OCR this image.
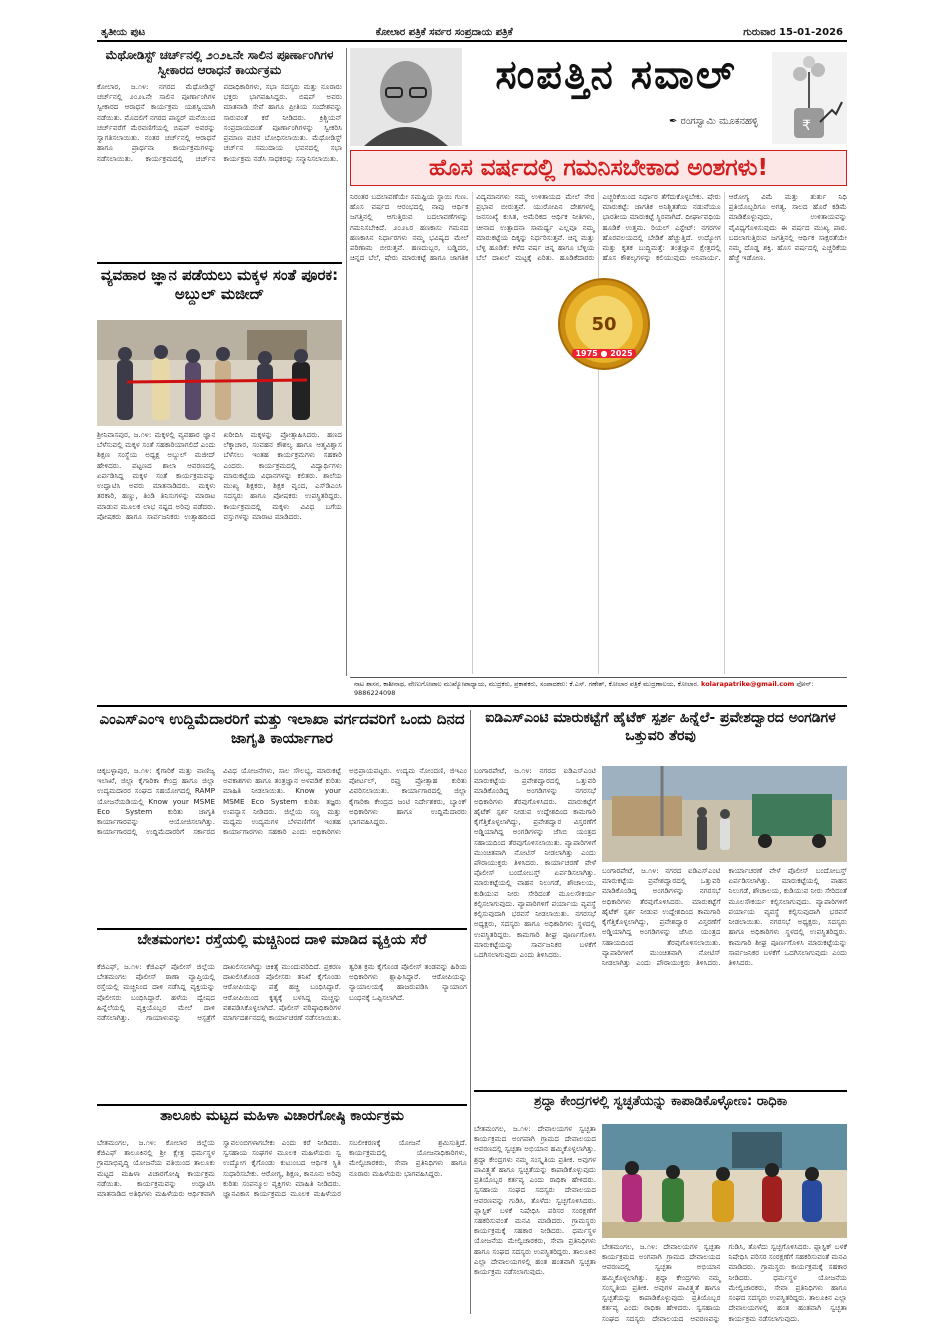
ತೃತೀಯ ಪುಟ	ಕೋಲಾರ ಪತ್ರಿಕೆ ಸರ್ವರ ಸಂಪ್ರದಾಯ ಪತ್ರಿಕೆ	ಗುರುವಾರ 15-01-2026
ಮೆಥೋಡಿಸ್ಟ್ ಚರ್ಚ್‌ನಲ್ಲಿ ೨೦೨೬ನೇ ಸಾಲಿನ ಪೂರ್ಣಾಂಗಿಗಳ ಸ್ವೀಕಾರದ ಆರಾಧನೆ ಕಾರ್ಯಕ್ರಮ
ಕೋಲಾರ, ಜ.೧೪: ನಗರದ ಮೆಥೋಡಿಸ್ಟ್ ಚರ್ಚ್‌ನಲ್ಲಿ ೨೦೨೬ನೇ ಸಾಲಿನ ಪೂರ್ಣಾಂಗಿಗಳ ಸ್ವೀಕಾರದ ಆರಾಧನೆ ಕಾರ್ಯಕ್ರಮ ಯಶಸ್ವಿಯಾಗಿ ನಡೆಯಿತು. ಮೊದಲಿಗೆ ನಗರದ ಪಾಸ್ಟರ್ ಮನೆಯಿಂದ ಚರ್ಚ್‌ವರೆಗೆ ಮೆರವಣಿಗೆಯಲ್ಲಿ ಬಿಷಪ್ ಅವರನ್ನು ಸ್ವಾಗತಿಸಲಾಯಿತು. ನಂತರ ಚರ್ಚ್‌ನಲ್ಲಿ ಆರಾಧನೆ ಹಾಗೂ ಪ್ರಾರ್ಥನಾ ಕಾರ್ಯಕ್ರಮಗಳನ್ನು ನಡೆಸಲಾಯಿತು. ಕಾರ್ಯಕ್ರಮದಲ್ಲಿ ಚರ್ಚ್‌ನ ಪದಾಧಿಕಾರಿಗಳು, ಸಭಾ ಸದಸ್ಯರು ಮತ್ತು ನೂರಾರು ಭಕ್ತರು ಭಾಗವಹಿಸಿದ್ದರು. ಬಿಷಪ್ ಅವರು ಮಾತನಾಡಿ ಸೇವೆ ಹಾಗೂ ಪ್ರೀತಿಯ ಸಂದೇಶವನ್ನು ಸಾರುವಂತೆ ಕರೆ ನೀಡಿದರು. ಕ್ರಿಶ್ಚಿಯನ್ ಸಂಪ್ರದಾಯದಂತೆ ಪೂರ್ಣಾಂಗಿಗಳನ್ನು ಸ್ವೀಕರಿಸಿ ಪ್ರಮಾಣ ವಚನ ಬೋಧಿಸಲಾಯಿತು. ಮೆಥೋಡಿಸ್ಟ್ ಚರ್ಚ್‌ನ ಸಮುದಾಯ ಭವನದಲ್ಲಿ ಸಭಾ ಕಾರ್ಯಕ್ರಮ ನಡೆಸಿ ಸಾಧಕರನ್ನು ಸನ್ಮಾನಿಸಲಾಯಿತು.
ವ್ಯವಹಾರ ಜ್ಞಾನ ಪಡೆಯಲು ಮಕ್ಕಳ ಸಂತೆ ಪೂರಕ: ಅಬ್ದುಲ್ ಮಜೀದ್
ಶ್ರೀನಿವಾಸಪುರ, ಜ.೧೪: ಮಕ್ಕಳಲ್ಲಿ ವ್ಯವಹಾರ ಜ್ಞಾನ ಬೆಳೆಸುವಲ್ಲಿ ಮಕ್ಕಳ ಸಂತೆ ಸಹಕಾರಿಯಾಗಲಿದೆ ಎಂದು ಶಿಕ್ಷಣ ಸಂಸ್ಥೆಯ ಅಧ್ಯಕ್ಷ ಅಬ್ದುಲ್ ಮಜೀದ್ ಹೇಳಿದರು. ಪಟ್ಟಣದ ಶಾಲಾ ಆವರಣದಲ್ಲಿ ಏರ್ಪಡಿಸಿದ್ದ ಮಕ್ಕಳ ಸಂತೆ ಕಾರ್ಯಕ್ರಮವನ್ನು ಉದ್ಘಾಟಿಸಿ ಅವರು ಮಾತನಾಡಿದರು. ಮಕ್ಕಳು ತರಕಾರಿ, ಹಣ್ಣು, ತಿಂಡಿ ತಿನಿಸುಗಳನ್ನು ಮಾರಾಟ ಮಾಡುವ ಮೂಲಕ ಲಾಭ ನಷ್ಟದ ಅರಿವು ಪಡೆದರು. ಪೋಷಕರು ಹಾಗೂ ಸಾರ್ವಜನಿಕರು ಉತ್ಸಾಹದಿಂದ ಖರೀದಿಸಿ ಮಕ್ಕಳನ್ನು ಪ್ರೋತ್ಸಾಹಿಸಿದರು. ಹಣದ ಲೆಕ್ಕಾಚಾರ, ಸಂವಹನ ಕೌಶಲ್ಯ ಹಾಗೂ ಆತ್ಮವಿಶ್ವಾಸ ಬೆಳೆಸಲು ಇಂತಹ ಕಾರ್ಯಕ್ರಮಗಳು ಸಹಕಾರಿ ಎಂದರು. ಕಾರ್ಯಕ್ರಮದಲ್ಲಿ ವಿದ್ಯಾರ್ಥಿಗಳು ಮಾರುಕಟ್ಟೆಯ ವಿಧಾನಗಳನ್ನು ಕಲಿತರು. ಶಾಲೆಯ ಮುಖ್ಯ ಶಿಕ್ಷಕರು, ಶಿಕ್ಷಕ ವೃಂದ, ಎಸ್‌ಡಿಎಂಸಿ ಸದಸ್ಯರು ಹಾಗೂ ಪೋಷಕರು ಉಪಸ್ಥಿತರಿದ್ದರು. ಕಾರ್ಯಕ್ರಮದಲ್ಲಿ ಮಕ್ಕಳು ವಿವಿಧ ಬಗೆಯ ವಸ್ತುಗಳನ್ನು ಮಾರಾಟ ಮಾಡಿದರು.
ಸಂಪತ್ತಿನ ಸವಾಲ್
✒ ರಂಗಸ್ವಾಮಿ ಮೂಕನಹಳ್ಳಿ	₹
ಹೊಸ ವರ್ಷದಲ್ಲಿ ಗಮನಿಸಬೇಕಾದ ಅಂಶಗಳು!
ನಿರಂತರ ಬದಲಾವಣೆಯೇ ಸಮಷ್ಟಿಯ ಸ್ಥಾಯಿ ಗುಣ. ಹೊಸ ವರ್ಷದ ಆರಂಭದಲ್ಲಿ ನಾವು ಆರ್ಥಿಕ ಜಗತ್ತಿನಲ್ಲಿ ಆಗುತ್ತಿರುವ ಬದಲಾವಣೆಗಳನ್ನು ಗಮನಿಸಬೇಕಿದೆ. ೨೦೨೬ರ ಹಣಕಾಸು ಗಮನದ ಹಣಕಾಸಿನ ನಿರ್ಧಾರಗಳು ನಮ್ಮ ಭವಿಷ್ಯದ ಮೇಲೆ ಪರಿಣಾಮ ಬೀರುತ್ತವೆ. ಹಣದುಬ್ಬರ, ಬಡ್ಡಿದರ, ಚಿನ್ನದ ಬೆಲೆ, ಷೇರು ಮಾರುಕಟ್ಟೆ ಹಾಗೂ ಜಾಗತಿಕ ವಿದ್ಯಮಾನಗಳು ನಮ್ಮ ಉಳಿತಾಯದ ಮೇಲೆ ನೇರ ಪ್ರಭಾವ ಬೀರುತ್ತವೆ. ಯುರೋಪಿನ ದೇಶಗಳಲ್ಲಿ ಜನಸಂಖ್ಯೆ ಕುಸಿತ, ಅಮೆರಿಕದ ಆರ್ಥಿಕ ನೀತಿಗಳು, ಚೀನಾದ ಉತ್ಪಾದನಾ ಸಾಮರ್ಥ್ಯ ಎಲ್ಲವೂ ನಮ್ಮ ಮಾರುಕಟ್ಟೆಯ ದಿಕ್ಕನ್ನು ನಿರ್ಧರಿಸುತ್ತವೆ. ಚಿನ್ನ ಮತ್ತು ಬೆಳ್ಳಿ ಹೂಡಿಕೆ: ಕಳೆದ ವರ್ಷ ಚಿನ್ನ ಹಾಗೂ ಬೆಳ್ಳಿಯ ಬೆಲೆ ದಾಖಲೆ ಮಟ್ಟಕ್ಕೆ ಏರಿತು. ಹೂಡಿಕೆದಾರರು ಎಚ್ಚರಿಕೆಯಿಂದ ನಿರ್ಧಾರ ತೆಗೆದುಕೊಳ್ಳಬೇಕು. ಷೇರು ಮಾರುಕಟ್ಟೆ: ಜಾಗತಿಕ ಅನಿಶ್ಚಿತತೆಯ ನಡುವೆಯೂ ಭಾರತೀಯ ಮಾರುಕಟ್ಟೆ ಸ್ಥಿರವಾಗಿದೆ. ದೀರ್ಘಾವಧಿಯ ಹೂಡಿಕೆ ಉತ್ತಮ. ರಿಯಲ್ ಎಸ್ಟೇಟ್: ನಗರಗಳ ಹೊರವಲಯದಲ್ಲಿ ಬೇಡಿಕೆ ಹೆಚ್ಚುತ್ತಿದೆ. ಉದ್ಯೋಗ ಮತ್ತು ಕೃತಕ ಬುದ್ಧಿಮತ್ತೆ: ತಂತ್ರಜ್ಞಾನ ಕ್ಷೇತ್ರದಲ್ಲಿ ಹೊಸ ಕೌಶಲ್ಯಗಳನ್ನು ಕಲಿಯುವುದು ಅನಿವಾರ್ಯ. ಆರೋಗ್ಯ ವಿಮೆ ಮತ್ತು ತುರ್ತು ನಿಧಿ ಪ್ರತಿಯೊಬ್ಬರಿಗೂ ಅಗತ್ಯ. ಸಾಲದ ಹೊರೆ ಕಡಿಮೆ ಮಾಡಿಕೊಳ್ಳುವುದು, ಉಳಿತಾಯವನ್ನು ವೈವಿಧ್ಯಗೊಳಿಸುವುದು ಈ ವರ್ಷದ ಮುಖ್ಯ ಪಾಠ. ಬದಲಾಗುತ್ತಿರುವ ಜಗತ್ತಿನಲ್ಲಿ ಆರ್ಥಿಕ ಸಾಕ್ಷರತೆಯೇ ನಮ್ಮ ದೊಡ್ಡ ಶಕ್ತಿ. ಹೊಸ ವರ್ಷದಲ್ಲಿ ಎಚ್ಚರಿಕೆಯ ಹೆಜ್ಜೆ ಇಡೋಣ.
50
1975 ● 2025
ನಾಟ ಶಾಸನ, ಕಾಶೀನಾಥ, ವೇಣುಗೋಪಾಲ ಮುಖ್ಯೋಪಾಧ್ಯಾಯ, ಮುದ್ರಕರು, ಪ್ರಕಾಶಕರು, ಸಂಪಾದಕರು: ಕೆ.ಎಸ್. ಗಣೇಶ್, ಕೋಲಾರ ಪತ್ರಿಕೆ ಮುದ್ರಣಾಲಯ, ಕೋಲಾರ. kolarapatrike@gmail.com ಫೋನ್: 9886224098
ಎಂಎಸ್‌ಎಂಇ ಉದ್ದಿಮೆದಾರರಿಗೆ ಮತ್ತು ಇಲಾಖಾ ವರ್ಗದವರಿಗೆ ಒಂದು ದಿನದ ಜಾಗೃತಿ ಕಾರ್ಯಾಗಾರ
ಚಿಕ್ಕಬಳ್ಳಾಪುರ, ಜ.೧೪: ಕೈಗಾರಿಕೆ ಮತ್ತು ವಾಣಿಜ್ಯ ಇಲಾಖೆ, ಜಿಲ್ಲಾ ಕೈಗಾರಿಕಾ ಕೇಂದ್ರ ಹಾಗೂ ಜಿಲ್ಲಾ ಉದ್ಯಮದಾರರ ಸಂಘದ ಸಹಯೋಗದಲ್ಲಿ RAMP ಯೋಜನೆಯಡಿಯಲ್ಲಿ Know your MSME Eco System ಕುರಿತು ಜಾಗೃತಿ ಕಾರ್ಯಾಗಾರವನ್ನು ಆಯೋಜಿಸಲಾಗಿತ್ತು. ಕಾರ್ಯಾಗಾರದಲ್ಲಿ ಉದ್ದಿಮೆದಾರರಿಗೆ ಸರ್ಕಾರದ ವಿವಿಧ ಯೋಜನೆಗಳು, ಸಾಲ ಸೌಲಭ್ಯ, ಮಾರುಕಟ್ಟೆ ಅವಕಾಶಗಳು ಹಾಗೂ ತಂತ್ರಜ್ಞಾನ ಅಳವಡಿಕೆ ಕುರಿತು ಮಾಹಿತಿ ನೀಡಲಾಯಿತು. Know your MSME Eco System ಕುರಿತು ತಜ್ಞರು ಉಪನ್ಯಾಸ ನೀಡಿದರು. ಜಿಲ್ಲೆಯ ಸಣ್ಣ ಮತ್ತು ಮಧ್ಯಮ ಉದ್ಯಮಗಳ ಬೆಳವಣಿಗೆಗೆ ಇಂತಹ ಕಾರ್ಯಾಗಾರಗಳು ಸಹಕಾರಿ ಎಂದು ಅಧಿಕಾರಿಗಳು ಅಭಿಪ್ರಾಯಪಟ್ಟರು. ಉದ್ಯಮ ನೋಂದಣಿ, ಜಿಇಎಂ ಪೋರ್ಟಲ್, ರಫ್ತು ಪ್ರೋತ್ಸಾಹ ಕುರಿತು ವಿವರಿಸಲಾಯಿತು. ಕಾರ್ಯಾಗಾರದಲ್ಲಿ ಜಿಲ್ಲಾ ಕೈಗಾರಿಕಾ ಕೇಂದ್ರದ ಜಂಟಿ ನಿರ್ದೇಶಕರು, ಬ್ಯಾಂಕ್ ಅಧಿಕಾರಿಗಳು ಹಾಗೂ ಉದ್ದಿಮೆದಾರರು ಭಾಗವಹಿಸಿದ್ದರು.
ಐಡಿಎಸ್‌ಎಂಟಿ ಮಾರುಕಟ್ಟೆಗೆ ಹೈಟೆಕ್ ಸ್ಪರ್ಶ ಹಿನ್ನೆಲೆ- ಪ್ರವೇಶದ್ವಾರದ ಅಂಗಡಿಗಳ ಒತ್ತುವರಿ ತೆರವು
ಬಂಗಾರಪೇಟೆ, ಜ.೧೪: ನಗರದ ಐಡಿಎಸ್‌ಎಂಟಿ ಮಾರುಕಟ್ಟೆಯ ಪ್ರವೇಶದ್ವಾರದಲ್ಲಿ ಒತ್ತುವರಿ ಮಾಡಿಕೊಂಡಿದ್ದ ಅಂಗಡಿಗಳನ್ನು ನಗರಸಭೆ ಅಧಿಕಾರಿಗಳು ತೆರವುಗೊಳಿಸಿದರು. ಮಾರುಕಟ್ಟೆಗೆ ಹೈಟೆಕ್ ಸ್ಪರ್ಶ ನೀಡುವ ಉದ್ದೇಶದಿಂದ ಕಾಮಗಾರಿ ಕೈಗೆತ್ತಿಕೊಳ್ಳಲಾಗಿದ್ದು, ಪ್ರವೇಶದ್ವಾರ ವಿಸ್ತರಣೆಗೆ ಅಡ್ಡಿಯಾಗಿದ್ದ ಅಂಗಡಿಗಳನ್ನು ಜೆಸಿಬಿ ಯಂತ್ರದ ಸಹಾಯದಿಂದ ತೆರವುಗೊಳಿಸಲಾಯಿತು. ವ್ಯಾಪಾರಿಗಳಿಗೆ ಮುಂಚಿತವಾಗಿ ನೋಟಿಸ್ ನೀಡಲಾಗಿತ್ತು ಎಂದು ಪೌರಾಯುಕ್ತರು ತಿಳಿಸಿದರು. ಕಾರ್ಯಾಚರಣೆ ವೇಳೆ ಪೊಲೀಸ್ ಬಂದೋಬಸ್ತ್ ಏರ್ಪಡಿಸಲಾಗಿತ್ತು. ಮಾರುಕಟ್ಟೆಯಲ್ಲಿ ವಾಹನ ನಿಲುಗಡೆ, ಶೌಚಾಲಯ, ಕುಡಿಯುವ ನೀರು ಸೇರಿದಂತೆ ಮೂಲಸೌಕರ್ಯ ಕಲ್ಪಿಸಲಾಗುವುದು. ವ್ಯಾಪಾರಿಗಳಿಗೆ ಪರ್ಯಾಯ ವ್ಯವಸ್ಥೆ ಕಲ್ಪಿಸುವುದಾಗಿ ಭರವಸೆ ನೀಡಲಾಯಿತು. ನಗರಸಭೆ ಅಧ್ಯಕ್ಷರು, ಸದಸ್ಯರು ಹಾಗೂ ಅಧಿಕಾರಿಗಳು ಸ್ಥಳದಲ್ಲಿ ಉಪಸ್ಥಿತರಿದ್ದರು. ಕಾಮಗಾರಿ ಶೀಘ್ರ ಪೂರ್ಣಗೊಳಿಸಿ ಮಾರುಕಟ್ಟೆಯನ್ನು ಸಾರ್ವಜನಿಕರ ಬಳಕೆಗೆ ಒದಗಿಸಲಾಗುವುದು ಎಂದು ತಿಳಿಸಿದರು.
ಬಂಗಾರಪೇಟೆ, ಜ.೧೪: ನಗರದ ಐಡಿಎಸ್‌ಎಂಟಿ ಮಾರುಕಟ್ಟೆಯ ಪ್ರವೇಶದ್ವಾರದಲ್ಲಿ ಒತ್ತುವರಿ ಮಾಡಿಕೊಂಡಿದ್ದ ಅಂಗಡಿಗಳನ್ನು ನಗರಸಭೆ ಅಧಿಕಾರಿಗಳು ತೆರವುಗೊಳಿಸಿದರು. ಮಾರುಕಟ್ಟೆಗೆ ಹೈಟೆಕ್ ಸ್ಪರ್ಶ ನೀಡುವ ಉದ್ದೇಶದಿಂದ ಕಾಮಗಾರಿ ಕೈಗೆತ್ತಿಕೊಳ್ಳಲಾಗಿದ್ದು, ಪ್ರವೇಶದ್ವಾರ ವಿಸ್ತರಣೆಗೆ ಅಡ್ಡಿಯಾಗಿದ್ದ ಅಂಗಡಿಗಳನ್ನು ಜೆಸಿಬಿ ಯಂತ್ರದ ಸಹಾಯದಿಂದ ತೆರವುಗೊಳಿಸಲಾಯಿತು. ವ್ಯಾಪಾರಿಗಳಿಗೆ ಮುಂಚಿತವಾಗಿ ನೋಟಿಸ್ ನೀಡಲಾಗಿತ್ತು ಎಂದು ಪೌರಾಯುಕ್ತರು ತಿಳಿಸಿದರು. ಕಾರ್ಯಾಚರಣೆ ವೇಳೆ ಪೊಲೀಸ್ ಬಂದೋಬಸ್ತ್ ಏರ್ಪಡಿಸಲಾಗಿತ್ತು. ಮಾರುಕಟ್ಟೆಯಲ್ಲಿ ವಾಹನ ನಿಲುಗಡೆ, ಶೌಚಾಲಯ, ಕುಡಿಯುವ ನೀರು ಸೇರಿದಂತೆ ಮೂಲಸೌಕರ್ಯ ಕಲ್ಪಿಸಲಾಗುವುದು. ವ್ಯಾಪಾರಿಗಳಿಗೆ ಪರ್ಯಾಯ ವ್ಯವಸ್ಥೆ ಕಲ್ಪಿಸುವುದಾಗಿ ಭರವಸೆ ನೀಡಲಾಯಿತು. ನಗರಸಭೆ ಅಧ್ಯಕ್ಷರು, ಸದಸ್ಯರು ಹಾಗೂ ಅಧಿಕಾರಿಗಳು ಸ್ಥಳದಲ್ಲಿ ಉಪಸ್ಥಿತರಿದ್ದರು. ಕಾಮಗಾರಿ ಶೀಘ್ರ ಪೂರ್ಣಗೊಳಿಸಿ ಮಾರುಕಟ್ಟೆಯನ್ನು ಸಾರ್ವಜನಿಕರ ಬಳಕೆಗೆ ಒದಗಿಸಲಾಗುವುದು ಎಂದು ತಿಳಿಸಿದರು.
ಬೇತಮಂಗಲ: ರಸ್ತೆಯಲ್ಲಿ ಮಚ್ಚಿನಿಂದ ದಾಳಿ ಮಾಡಿದ ವ್ಯಕ್ತಿಯ ಸೆರೆ
ಕೆಜಿಎಫ್, ಜ.೧೪: ಕೆಜಿಎಫ್ ಪೊಲೀಸ್ ಜಿಲ್ಲೆಯ ಬೇತಮಂಗಲ ಪೊಲೀಸ್ ಠಾಣಾ ವ್ಯಾಪ್ತಿಯಲ್ಲಿ ರಸ್ತೆಯಲ್ಲಿ ಮಚ್ಚಿನಿಂದ ದಾಳಿ ನಡೆಸಿದ್ದ ವ್ಯಕ್ತಿಯನ್ನು ಪೊಲೀಸರು ಬಂಧಿಸಿದ್ದಾರೆ. ಹಳೆಯ ದ್ವೇಷದ ಹಿನ್ನೆಲೆಯಲ್ಲಿ ವ್ಯಕ್ತಿಯೊಬ್ಬರ ಮೇಲೆ ದಾಳಿ ನಡೆಸಲಾಗಿತ್ತು. ಗಾಯಾಳುವನ್ನು ಆಸ್ಪತ್ರೆಗೆ ದಾಖಲಿಸಲಾಗಿದ್ದು ಚಿಕಿತ್ಸೆ ಮುಂದುವರಿದಿದೆ. ಪ್ರಕರಣ ದಾಖಲಿಸಿಕೊಂಡ ಪೊಲೀಸರು ತನಿಖೆ ಕೈಗೊಂಡು ಆರೋಪಿಯನ್ನು ಪತ್ತೆ ಹಚ್ಚಿ ಬಂಧಿಸಿದ್ದಾರೆ. ಆರೋಪಿಯಿಂದ ಕೃತ್ಯಕ್ಕೆ ಬಳಸಿದ್ದ ಮಚ್ಚನ್ನು ವಶಪಡಿಸಿಕೊಳ್ಳಲಾಗಿದೆ. ಪೊಲೀಸ್ ವರಿಷ್ಠಾಧಿಕಾರಿಗಳ ಮಾರ್ಗದರ್ಶನದಲ್ಲಿ ಕಾರ್ಯಾಚರಣೆ ನಡೆಸಲಾಯಿತು. ತ್ವರಿತ ಕ್ರಮ ಕೈಗೊಂಡ ಪೊಲೀಸ್ ತಂಡವನ್ನು ಹಿರಿಯ ಅಧಿಕಾರಿಗಳು ಶ್ಲಾಘಿಸಿದ್ದಾರೆ. ಆರೋಪಿಯನ್ನು ನ್ಯಾಯಾಲಯಕ್ಕೆ ಹಾಜರುಪಡಿಸಿ ನ್ಯಾಯಾಂಗ ಬಂಧನಕ್ಕೆ ಒಪ್ಪಿಸಲಾಗಿದೆ.
ಶ್ರದ್ಧಾ ಕೇಂದ್ರಗಳಲ್ಲಿ ಸ್ವಚ್ಛತೆಯನ್ನು ಕಾಪಾಡಿಕೊಳ್ಳೋಣ: ರಾಧಿಕಾ
ಬೇತಮಂಗಲ, ಜ.೧೪: ದೇವಾಲಯಗಳ ಸ್ವಚ್ಛತಾ ಕಾರ್ಯಕ್ರಮದ ಅಂಗವಾಗಿ ಗ್ರಾಮದ ದೇವಾಲಯದ ಆವರಣದಲ್ಲಿ ಸ್ವಚ್ಛತಾ ಅಭಿಯಾನ ಹಮ್ಮಿಕೊಳ್ಳಲಾಗಿತ್ತು. ಶ್ರದ್ಧಾ ಕೇಂದ್ರಗಳು ನಮ್ಮ ಸಂಸ್ಕೃತಿಯ ಪ್ರತೀಕ. ಅವುಗಳ ಪಾವಿತ್ರ್ಯತೆ ಹಾಗೂ ಸ್ವಚ್ಛತೆಯನ್ನು ಕಾಪಾಡಿಕೊಳ್ಳುವುದು ಪ್ರತಿಯೊಬ್ಬರ ಕರ್ತವ್ಯ ಎಂದು ರಾಧಿಕಾ ಹೇಳಿದರು. ಸ್ವಸಹಾಯ ಸಂಘದ ಸದಸ್ಯರು ದೇವಾಲಯದ ಆವರಣವನ್ನು ಗುಡಿಸಿ, ತೊಳೆದು ಸ್ವಚ್ಛಗೊಳಿಸಿದರು. ಪ್ಲಾಸ್ಟಿಕ್ ಬಳಕೆ ನಿಷೇಧಿಸಿ ಪರಿಸರ ಸಂರಕ್ಷಣೆಗೆ ಸಹಕರಿಸುವಂತೆ ಮನವಿ ಮಾಡಿದರು. ಗ್ರಾಮಸ್ಥರು ಕಾರ್ಯಕ್ರಮಕ್ಕೆ ಸಹಕಾರ ನೀಡಿದರು. ಧರ್ಮಸ್ಥಳ ಯೋಜನೆಯ ಮೇಲ್ವಿಚಾರಕರು, ಸೇವಾ ಪ್ರತಿನಿಧಿಗಳು ಹಾಗೂ ಸಂಘದ ಸದಸ್ಯರು ಉಪಸ್ಥಿತರಿದ್ದರು. ತಾಲೂಕಿನ ಎಲ್ಲಾ ದೇವಾಲಯಗಳಲ್ಲಿ ಹಂತ ಹಂತವಾಗಿ ಸ್ವಚ್ಛತಾ ಕಾರ್ಯಕ್ರಮ ನಡೆಸಲಾಗುವುದು.
ಬೇತಮಂಗಲ, ಜ.೧೪: ದೇವಾಲಯಗಳ ಸ್ವಚ್ಛತಾ ಕಾರ್ಯಕ್ರಮದ ಅಂಗವಾಗಿ ಗ್ರಾಮದ ದೇವಾಲಯದ ಆವರಣದಲ್ಲಿ ಸ್ವಚ್ಛತಾ ಅಭಿಯಾನ ಹಮ್ಮಿಕೊಳ್ಳಲಾಗಿತ್ತು. ಶ್ರದ್ಧಾ ಕೇಂದ್ರಗಳು ನಮ್ಮ ಸಂಸ್ಕೃತಿಯ ಪ್ರತೀಕ. ಅವುಗಳ ಪಾವಿತ್ರ್ಯತೆ ಹಾಗೂ ಸ್ವಚ್ಛತೆಯನ್ನು ಕಾಪಾಡಿಕೊಳ್ಳುವುದು ಪ್ರತಿಯೊಬ್ಬರ ಕರ್ತವ್ಯ ಎಂದು ರಾಧಿಕಾ ಹೇಳಿದರು. ಸ್ವಸಹಾಯ ಸಂಘದ ಸದಸ್ಯರು ದೇವಾಲಯದ ಆವರಣವನ್ನು ಗುಡಿಸಿ, ತೊಳೆದು ಸ್ವಚ್ಛಗೊಳಿಸಿದರು. ಪ್ಲಾಸ್ಟಿಕ್ ಬಳಕೆ ನಿಷೇಧಿಸಿ ಪರಿಸರ ಸಂರಕ್ಷಣೆಗೆ ಸಹಕರಿಸುವಂತೆ ಮನವಿ ಮಾಡಿದರು. ಗ್ರಾಮಸ್ಥರು ಕಾರ್ಯಕ್ರಮಕ್ಕೆ ಸಹಕಾರ ನೀಡಿದರು. ಧರ್ಮಸ್ಥಳ ಯೋಜನೆಯ ಮೇಲ್ವಿಚಾರಕರು, ಸೇವಾ ಪ್ರತಿನಿಧಿಗಳು ಹಾಗೂ ಸಂಘದ ಸದಸ್ಯರು ಉಪಸ್ಥಿತರಿದ್ದರು. ತಾಲೂಕಿನ ಎಲ್ಲಾ ದೇವಾಲಯಗಳಲ್ಲಿ ಹಂತ ಹಂತವಾಗಿ ಸ್ವಚ್ಛತಾ ಕಾರ್ಯಕ್ರಮ ನಡೆಸಲಾಗುವುದು.
ತಾಲೂಕು ಮಟ್ಟದ ಮಹಿಳಾ ವಿಚಾರಗೋಷ್ಠಿ ಕಾರ್ಯಕ್ರಮ
ಬೇತಮಂಗಲ, ಜ.೧೪: ಕೋಲಾರ ಜಿಲ್ಲೆಯ ಕೆಜಿಎಫ್ ತಾಲೂಕಿನಲ್ಲಿ ಶ್ರೀ ಕ್ಷೇತ್ರ ಧರ್ಮಸ್ಥಳ ಗ್ರಾಮಾಭಿವೃದ್ಧಿ ಯೋಜನೆಯ ವತಿಯಿಂದ ತಾಲೂಕು ಮಟ್ಟದ ಮಹಿಳಾ ವಿಚಾರಗೋಷ್ಠಿ ಕಾರ್ಯಕ್ರಮ ನಡೆಯಿತು. ಕಾರ್ಯಕ್ರಮವನ್ನು ಉದ್ಘಾಟಿಸಿ ಮಾತನಾಡಿದ ಅತಿಥಿಗಳು ಮಹಿಳೆಯರು ಆರ್ಥಿಕವಾಗಿ ಸ್ವಾವಲಂಬಿಗಳಾಗಬೇಕು ಎಂದು ಕರೆ ನೀಡಿದರು. ಸ್ವಸಹಾಯ ಸಂಘಗಳ ಮೂಲಕ ಮಹಿಳೆಯರು ಸ್ವ ಉದ್ಯೋಗ ಕೈಗೊಂಡು ಕುಟುಂಬದ ಆರ್ಥಿಕ ಸ್ಥಿತಿ ಸುಧಾರಿಸಬೇಕು. ಆರೋಗ್ಯ, ಶಿಕ್ಷಣ, ಕಾನೂನು ಅರಿವು ಕುರಿತು ಸಂಪನ್ಮೂಲ ವ್ಯಕ್ತಿಗಳು ಮಾಹಿತಿ ನೀಡಿದರು. ಜ್ಞಾನವಿಕಾಸ ಕಾರ್ಯಕ್ರಮದ ಮೂಲಕ ಮಹಿಳೆಯರ ಸಬಲೀಕರಣಕ್ಕೆ ಯೋಜನೆ ಶ್ರಮಿಸುತ್ತಿದೆ. ಕಾರ್ಯಕ್ರಮದಲ್ಲಿ ಯೋಜನಾಧಿಕಾರಿಗಳು, ಮೇಲ್ವಿಚಾರಕರು, ಸೇವಾ ಪ್ರತಿನಿಧಿಗಳು ಹಾಗೂ ನೂರಾರು ಮಹಿಳೆಯರು ಭಾಗವಹಿಸಿದ್ದರು.
